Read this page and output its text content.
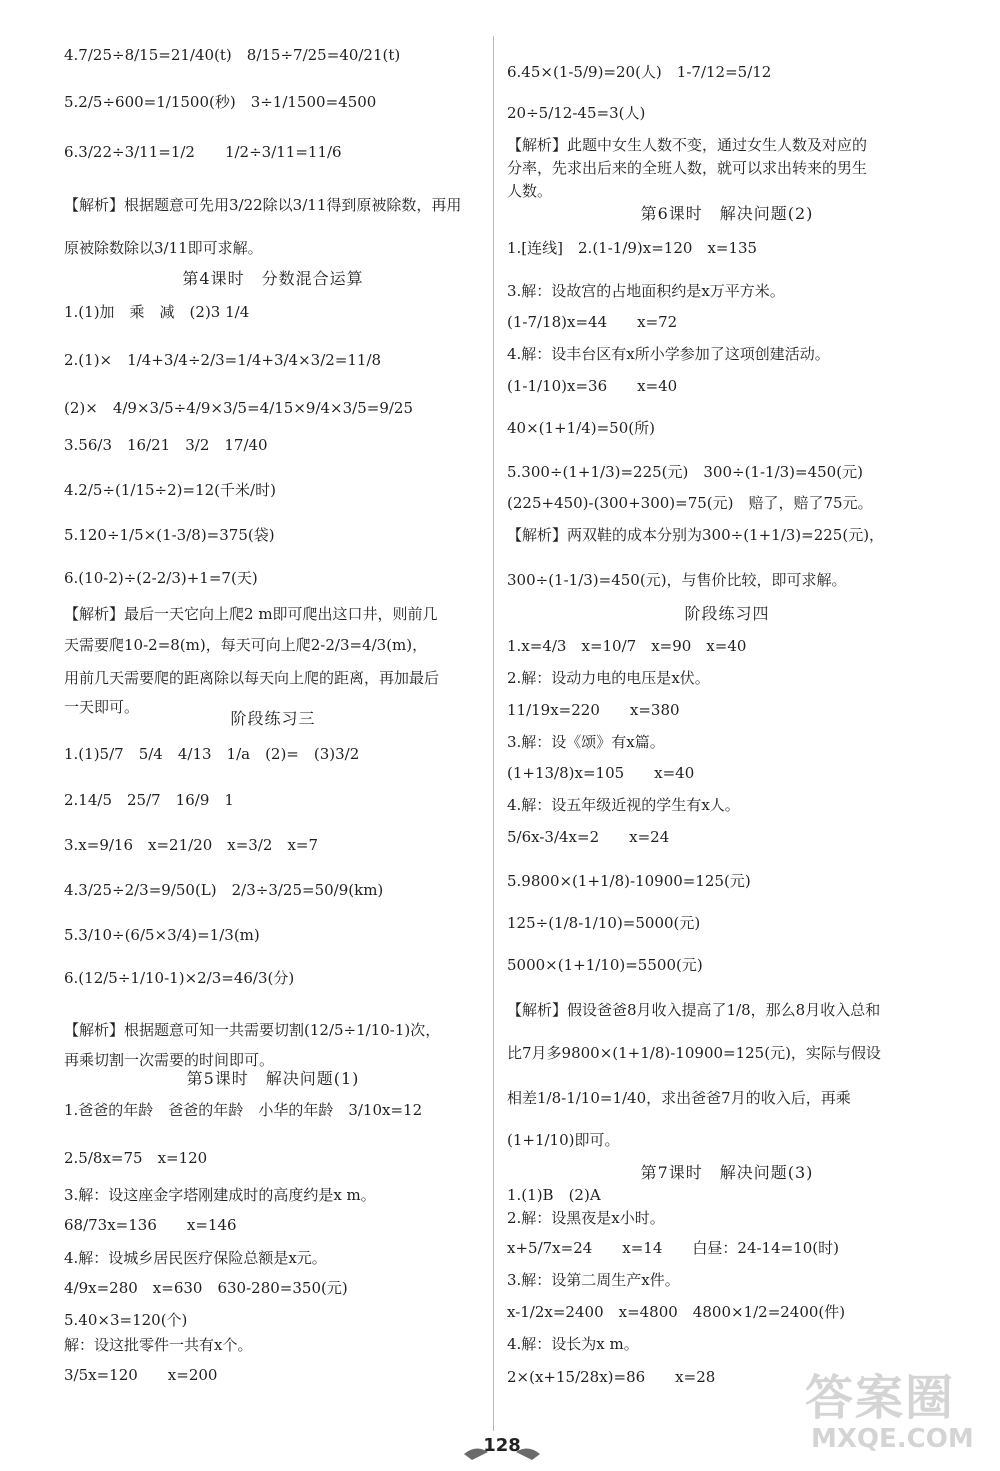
4.7/25÷8/15=21/40(t)　8/15÷7/25=40/21(t)
5.2/5÷600=1/1500(秒)　3÷1/1500=4500
6.3/22÷3/11=1/2　　1/2÷3/11=11/6
【解析】根据题意可先用3/22除以3/11得到原被除数，再用
原被除数除以3/11即可求解。
第4课时　分数混合运算
1.(1)加　乘　减　(2)3 1/4
2.(1)×　1/4+3/4÷2/3=1/4+3/4×3/2=11/8
(2)×　4/9×3/5÷4/9×3/5=4/15×9/4×3/5=9/25
3.56/3　16/21　3/2　17/40
4.2/5÷(1/15÷2)=12(千米/时)
5.120÷1/5×(1-3/8)=375(袋)
6.(10-2)÷(2-2/3)+1=7(天)
【解析】最后一天它向上爬2 m即可爬出这口井，则前几
天需要爬10-2=8(m)，每天可向上爬2-2/3=4/3(m)，
用前几天需要爬的距离除以每天向上爬的距离，再加最后
一天即可。
阶段练习三
1.(1)5/7　5/4　4/13　1/a　(2)=　(3)3/2
2.14/5　25/7　16/9　1
3.x=9/16　x=21/20　x=3/2　x=7
4.3/25÷2/3=9/50(L)　2/3÷3/25=50/9(km)
5.3/10÷(6/5×3/4)=1/3(m)
6.(12/5÷1/10-1)×2/3=46/3(分)
【解析】根据题意可知一共需要切割(12/5÷1/10-1)次，
再乘切割一次需要的时间即可。
第5课时　解决问题(1)
1.爸爸的年龄　爸爸的年龄　小华的年龄　3/10x=12
2.5/8x=75　x=120
3.解：设这座金字塔刚建成时的高度约是x m。
68/73x=136　　x=146
4.解：设城乡居民医疗保险总额是x元。
4/9x=280　x=630　630-280=350(元)
5.40×3=120(个)
解：设这批零件一共有x个。
3/5x=120　　x=200
6.45×(1-5/9)=20(人)　1-7/12=5/12
20÷5/12-45=3(人)
【解析】此题中女生人数不变，通过女生人数及对应的
分率，先求出后来的全班人数，就可以求出转来的男生
人数。
第6课时　解决问题(2)
1.[连线]　2.(1-1/9)x=120　x=135
3.解：设故宫的占地面积约是x万平方米。
(1-7/18)x=44　　x=72
4.解：设丰台区有x所小学参加了这项创建活动。
(1-1/10)x=36　　x=40
40×(1+1/4)=50(所)
5.300÷(1+1/3)=225(元)　300÷(1-1/3)=450(元)
(225+450)-(300+300)=75(元)　赔了，赔了75元。
【解析】两双鞋的成本分别为300÷(1+1/3)=225(元)，
300÷(1-1/3)=450(元)，与售价比较，即可求解。
阶段练习四
1.x=4/3　x=10/7　x=90　x=40
2.解：设动力电的电压是x伏。
11/19x=220　　x=380
3.解：设《颂》有x篇。
(1+13/8)x=105　　x=40
4.解：设五年级近视的学生有x人。
5/6x-3/4x=2　　x=24
5.9800×(1+1/8)-10900=125(元)
125÷(1/8-1/10)=5000(元)
5000×(1+1/10)=5500(元)
【解析】假设爸爸8月收入提高了1/8，那么8月收入总和
比7月多9800×(1+1/8)-10900=125(元)，实际与假设
相差1/8-1/10=1/40，求出爸爸7月的收入后，再乘
(1+1/10)即可。
第7课时　解决问题(3)
1.(1)B　(2)A
2.解：设黑夜是x小时。
x+5/7x=24　　x=14　　白昼：24-14=10(时)
3.解：设第二周生产x件。
x-1/2x=2400　x=4800　4800×1/2=2400(件)
4.解：设长为x m。
2×(x+15/28x)=86　　x=28
128
答案圈
MXQE.COM
